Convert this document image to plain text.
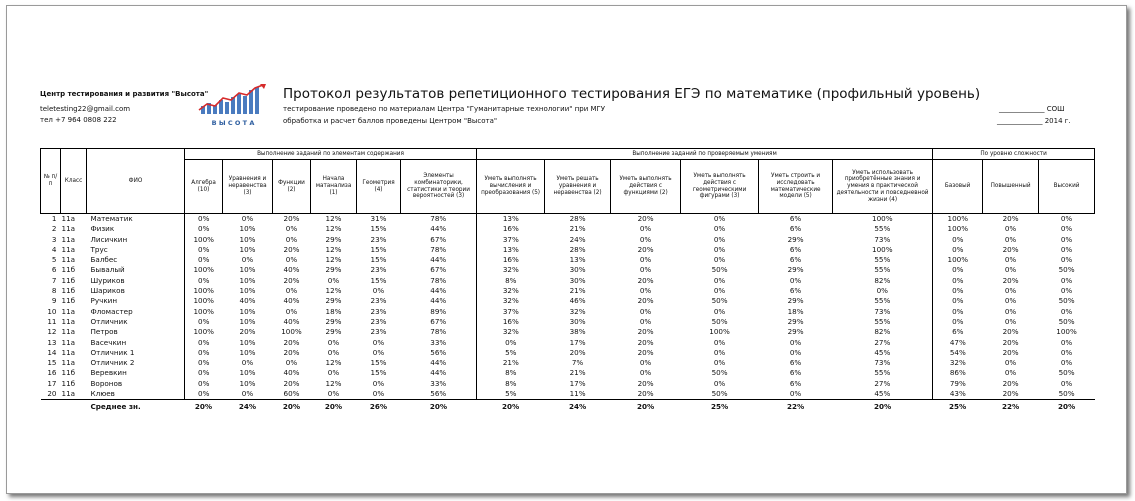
Центр тестирования и развития "Высота"
teletesting22@gmail.com
тел +7 964 0808 222	В Ы С О Т А
Протокол результатов репетиционного тестирования ЕГЭ по математике (профильный уровень)
тестирование проведено по материалам Центра "Гуманитарные технологии" при МГУ
обработка и расчет баллов проведены Центром "Высота"
_____________ СОШ
_____________ 2014 г.
№ п/п	Класс	ФИО	Выполнение заданий по элементам содержания						Выполнение заданий по проверяемым умениям						По уровню сложности		
			Алгебра (10)	Уравнения и неравенства (3)	Функции (2)	Начала матанализа (1)	Геометрия (4)	Элементы комбинаторики, статистики и теории вероятностей (3)	Уметь выполнять вычисления и преобразования (5)	Уметь решать уравнения и неравенства (2)	Уметь выполнять действия с функциями (2)	Уметь выполнять действия с геометрическими фигурами (3)	Уметь строить и исследовать математические модели (5)	Уметь использовать приобретённые знания и умения в практической деятельности и повседневной жизни (4)	Базовый	Повышенный	Высокий
1	11а	Математик	0%	0%	20%	12%	31%	78%	13%	28%	20%	0%	6%	100%	100%	20%	0%
2	11а	Физик	0%	10%	0%	12%	15%	44%	16%	21%	0%	0%	6%	55%	100%	0%	0%
3	11а	Лисичкин	100%	10%	0%	29%	23%	67%	37%	24%	0%	0%	29%	73%	0%	0%	0%
4	11а	Трус	0%	10%	20%	12%	15%	78%	13%	28%	20%	0%	6%	100%	0%	20%	0%
5	11а	Балбес	0%	0%	0%	12%	15%	44%	16%	13%	0%	0%	6%	55%	100%	0%	0%
6	11б	Бывалый	100%	10%	40%	29%	23%	67%	32%	30%	0%	50%	29%	55%	0%	0%	50%
7	11б	Шуриков	0%	10%	20%	0%	15%	78%	8%	30%	20%	0%	0%	82%	0%	20%	0%
8	11б	Шариков	100%	10%	0%	12%	0%	44%	32%	21%	0%	0%	6%	0%	0%	0%	0%
9	11б	Ручкин	100%	40%	40%	29%	23%	44%	32%	46%	20%	50%	29%	55%	0%	0%	50%
10	11а	Фломастер	100%	10%	0%	18%	23%	89%	37%	32%	0%	0%	18%	73%	0%	0%	0%
11	11а	Отличник	0%	10%	40%	29%	23%	67%	16%	30%	0%	50%	29%	55%	0%	0%	50%
12	11а	Петров	100%	20%	100%	29%	23%	78%	32%	38%	20%	100%	29%	82%	6%	20%	100%
13	11а	Васечкин	0%	10%	20%	0%	0%	33%	0%	17%	20%	0%	0%	27%	47%	20%	0%
14	11а	Отличник 1	0%	10%	20%	0%	0%	56%	5%	20%	20%	0%	0%	45%	54%	20%	0%
15	11а	Отличник 2	0%	0%	0%	12%	15%	44%	21%	7%	0%	0%	6%	73%	32%	0%	0%
16	11б	Веревкин	0%	10%	40%	0%	15%	44%	8%	21%	0%	50%	6%	55%	86%	0%	50%
17	11б	Воронов	0%	10%	20%	12%	0%	33%	8%	17%	20%	0%	6%	27%	79%	20%	0%
20	11а	Клюев	0%	0%	60%	0%	0%	56%	5%	11%	20%	50%	0%	45%	43%	20%	50%
		Среднее зн.	20%	24%	20%	20%	26%	20%	20%	24%	20%	25%	22%	20%	25%	22%	20%
